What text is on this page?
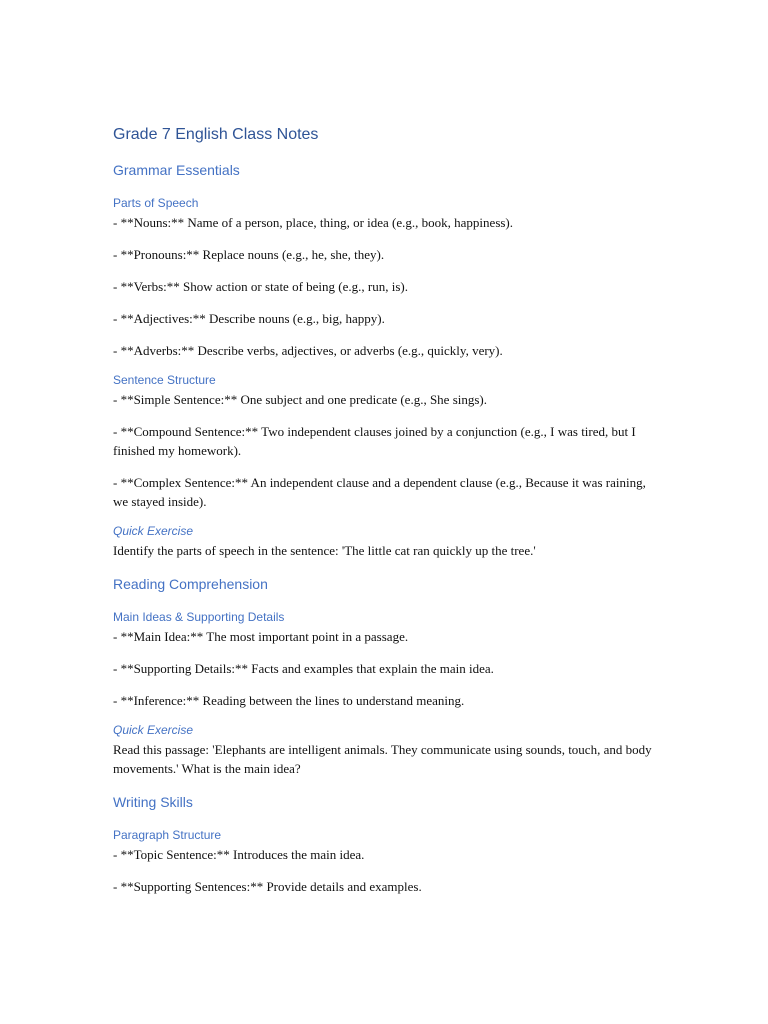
Grade 7 English Class Notes
Grammar Essentials
Parts of Speech
- **Nouns:** Name of a person, place, thing, or idea (e.g., book, happiness).
- **Pronouns:** Replace nouns (e.g., he, she, they).
- **Verbs:** Show action or state of being (e.g., run, is).
- **Adjectives:** Describe nouns (e.g., big, happy).
- **Adverbs:** Describe verbs, adjectives, or adverbs (e.g., quickly, very).
Sentence Structure
- **Simple Sentence:** One subject and one predicate (e.g., She sings).
- **Compound Sentence:** Two independent clauses joined by a conjunction (e.g., I was tired, but I finished my homework).
- **Complex Sentence:** An independent clause and a dependent clause (e.g., Because it was raining, we stayed inside).
Quick Exercise
Identify the parts of speech in the sentence: 'The little cat ran quickly up the tree.'
Reading Comprehension
Main Ideas & Supporting Details
- **Main Idea:** The most important point in a passage.
- **Supporting Details:** Facts and examples that explain the main idea.
- **Inference:** Reading between the lines to understand meaning.
Quick Exercise
Read this passage: 'Elephants are intelligent animals. They communicate using sounds, touch, and body movements.' What is the main idea?
Writing Skills
Paragraph Structure
- **Topic Sentence:** Introduces the main idea.
- **Supporting Sentences:** Provide details and examples.
